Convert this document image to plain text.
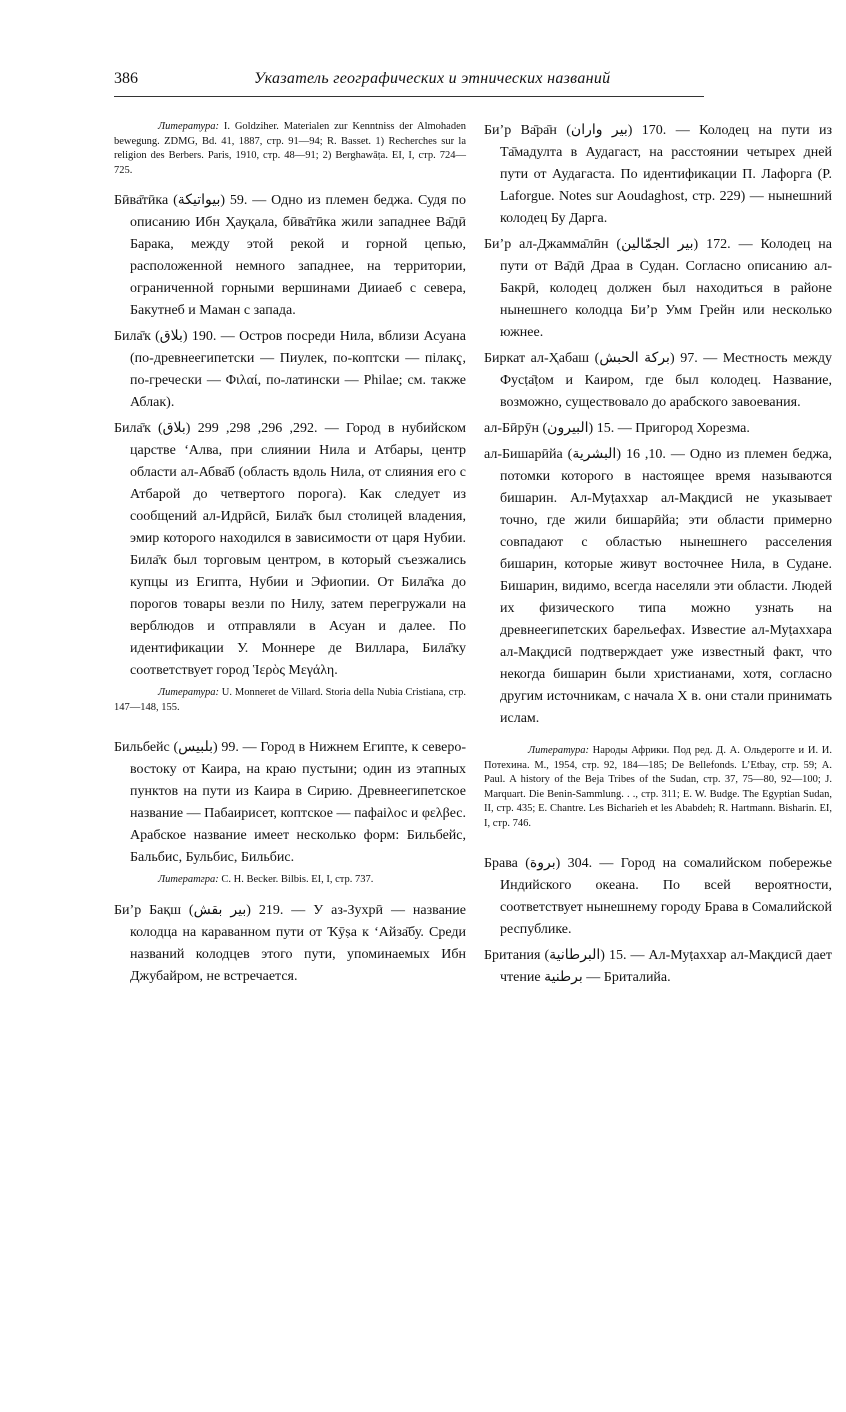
386	Указатель географических и этнических названий

Литература: I. Goldziher. Materialen zur Kenntniss der Almohaden bewegung. ZDMG, Bd. 41, 1887, стр. 91—94; R. Basset. 1) Recherches sur la religion des Berbers. Paris, 1910, стр. 48—91; 2) Berghawāṭa. EI, I, стр. 724—725.

Бӣва̄тӣка (بيواتيكة) 59. — Одно из племен беджа. Судя по описанию Ибн Ҳауқала, бӣва̄тӣка жили западнее Ва̄дӣ Барака, между этой рекой и горной цепью, расположенной немного западнее, на территории, ограниченной горными вершинами Дииаеб с севера, Бакутнеб и Маман с запада.

Била̄ҡ (بلاق) 190. — Остров посреди Нила, вблизи Асуана (по-древнеегипетски — Пиулек, по-коптски — пілакҁ, по-гречески — Φιλαί, по-латински — Philae; см. также Аблак).

Била̄ҡ (بلاق) 292, 296, 298, 299. — Город в нубийском царстве ‘Алва, при слиянии Нила и Атбары, центр области ал-Абва̄б (область вдоль Нила, от слияния его с Атбарой до четвертого порога). Как следует из сообщений ал-Идрӣсӣ, Била̄ҡ был столицей владения, эмир которого находился в зависимости от царя Нубии. Била̄ҡ был торговым центром, в который съезжались купцы из Египта, Нубии и Эфиопии. От Била̄ҡа до порогов товары везли по Нилу, затем перегружали на верблюдов и отправляли в Асуан и далее. По идентификации У. Моннере де Виллара, Била̄ҡу соответствует город Ἱερὸς Μεγάλη.

Литература: U. Monneret de Villard. Storia della Nubia Cristiana, стр. 147—148, 155.

Бильбейс (بلبيس) 99. — Город в Нижнем Египте, к северо-востоку от Каира, на краю пустыни; один из этапных пунктов на пути из Каира в Сирию. Древнеегипетское название — Пабаирисет, коптское — пафаіλос и φελβес. Арабское название имеет несколько форм: Бильбейс, Бальбис, Бульбис, Бильбис.

Литератгра: C. H. Becker. Bilbis. EI, I, стр. 737.

Би’р Бақш (بير بقش) 219. — У аз-Зухрӣ — название колодца на караванном пути от Ҡӯṣа к ‘Айза̄бу. Среди названий колодцев этого пути, упоминаемых Ибн Джубайром, не встречается.

Би’р Ва̄ра̄н (بير واران) 170. — Колодец на пути из Та̄мадулта в Аудагаст, на расстоянии четырех дней пути от Аудагаста. По идентификации П. Лафорга (P. Laforgue. Notes sur Aoudaghost, стр. 229) — нынешний колодец Бу Дарга.

Би’р ал-Джамма̄лӣн (بير الجمّالين) 172. — Колодец на пути от Ва̄дӣ Драа в Судан. Согласно описанию ал-Бакрӣ, колодец должен был находиться в районе нынешнего колодца Би’р Умм Грейн или несколько южнее.

Биркат ал-Ҳабаш (بركة الحبش) 97. — Местность между Фусṭа̄ṭом и Каиром, где был колодец. Название, возможно, существовало до арабского завоевания.

ал-Бӣрӯн (البيرون) 15. — Пригород Хорезма.

ал-Бишарӣйа (البشرية) 10, 16. — Одно из племен беджа, потомки которого в настоящее время называются бишарин. Ал-Муṭаххар ал-Мақдисӣ не указывает точно, где жили бишарӣйа; эти области примерно совпадают с областью нынешнего расселения бишарин, которые живут восточнее Нила, в Судане. Бишарин, видимо, всегда населяли эти области. Людей их физического типа можно узнать на древнеегипетских барельефах. Известие ал-Муṭаххара ал-Мақдисӣ подтверждает уже известный факт, что некогда бишарин были христианами, хотя, согласно другим источникам, с начала X в. они стали принимать ислам.

Литература: Народы Африки. Под ред. Д. А. Ольдерогге и И. И. Потехина. М., 1954, стр. 92, 184—185; De Bellefonds. L’Etbay, стр. 59; A. Paul. A history of the Beja Tribes of the Sudan, стр. 37, 75—80, 92—100; J. Marquart. Die Benin-Sammlung. . ., стр. 311; E. W. Budge. The Egyptian Sudan, II, стр. 435; E. Chantre. Les Bicharieh et les Ababdeh; R. Hartmann. Bisharin. EI, I, стр. 746.

Брава (بروة) 304. — Город на сомалийском побережье Индийского океана. По всей вероятности, соответствует нынешнему городу Брава в Сомалийской республике.

Британия (البرطانية) 15. — Ал-Муṭаххар ал-Мақдисӣ дает чтение برطنية — Бриталийа.
